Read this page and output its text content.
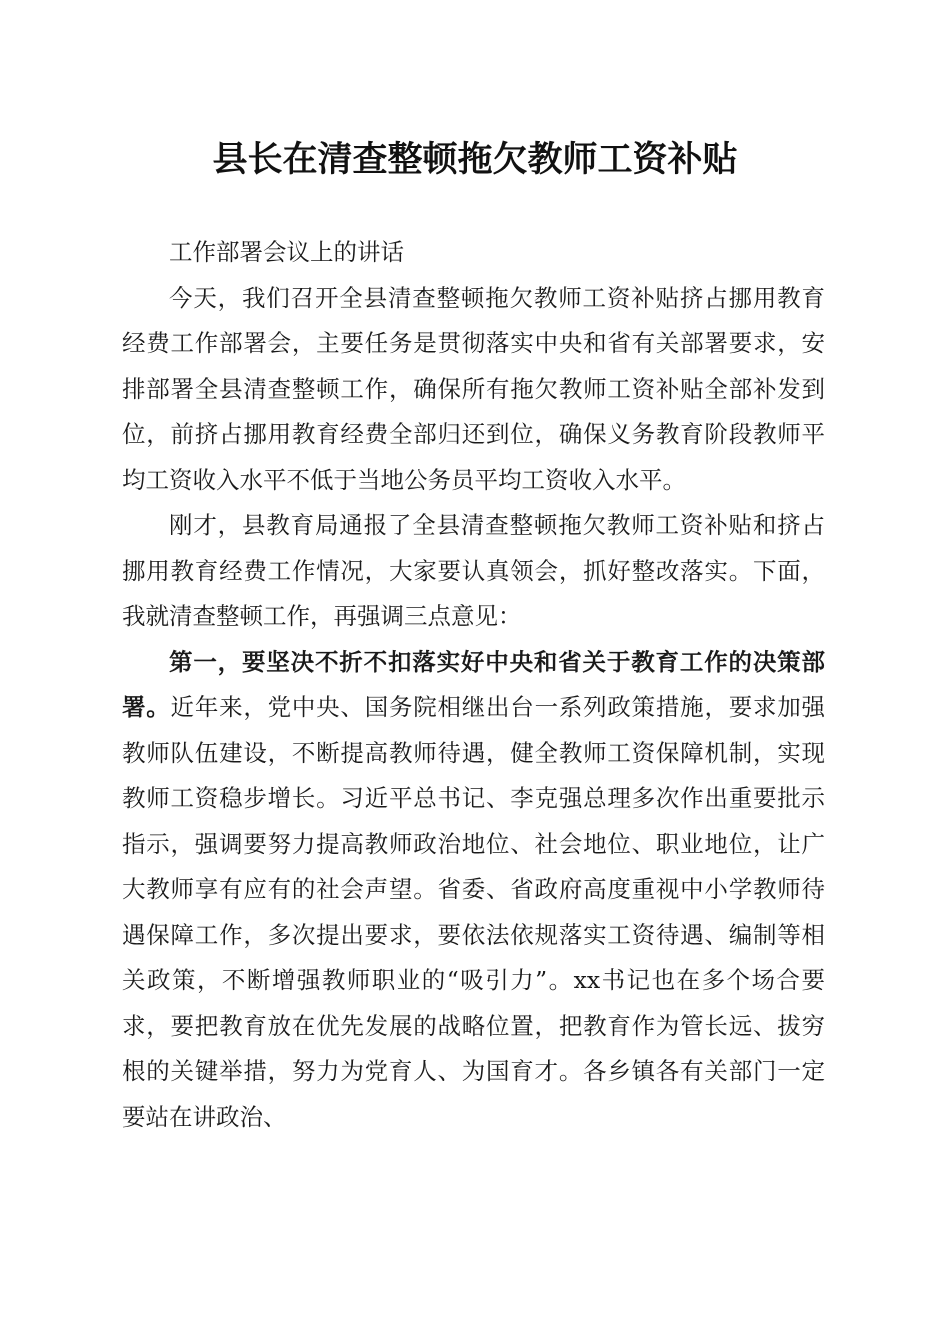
县长在清查整顿拖欠教师工资补贴

工作部署会议上的讲话

今天，我们召开全县清查整顿拖欠教师工资补贴挤占挪用教育经费工作部署会，主要任务是贯彻落实中央和省有关部署要求，安排部署全县清查整顿工作，确保所有拖欠教师工资补贴全部补发到位，前挤占挪用教育经费全部归还到位，确保义务教育阶段教师平均工资收入水平不低于当地公务员平均工资收入水平。

刚才，县教育局通报了全县清查整顿拖欠教师工资补贴和挤占挪用教育经费工作情况，大家要认真领会，抓好整改落实。下面，我就清查整顿工作，再强调三点意见：

第一，要坚决不折不扣落实好中央和省关于教育工作的决策部署。近年来，党中央、国务院相继出台一系列政策措施，要求加强教师队伍建设，不断提高教师待遇，健全教师工资保障机制，实现教师工资稳步增长。习近平总书记、李克强总理多次作出重要批示指示，强调要努力提高教师政治地位、社会地位、职业地位，让广大教师享有应有的社会声望。省委、省政府高度重视中小学教师待遇保障工作，多次提出要求，要依法依规落实工资待遇、编制等相关政策，不断增强教师职业的“吸引力”。xx书记也在多个场合要求，要把教育放在优先发展的战略位置，把教育作为管长远、拔穷根的关键举措，努力为党育人、为国育才。各乡镇各有关部门一定要站在讲政治、
